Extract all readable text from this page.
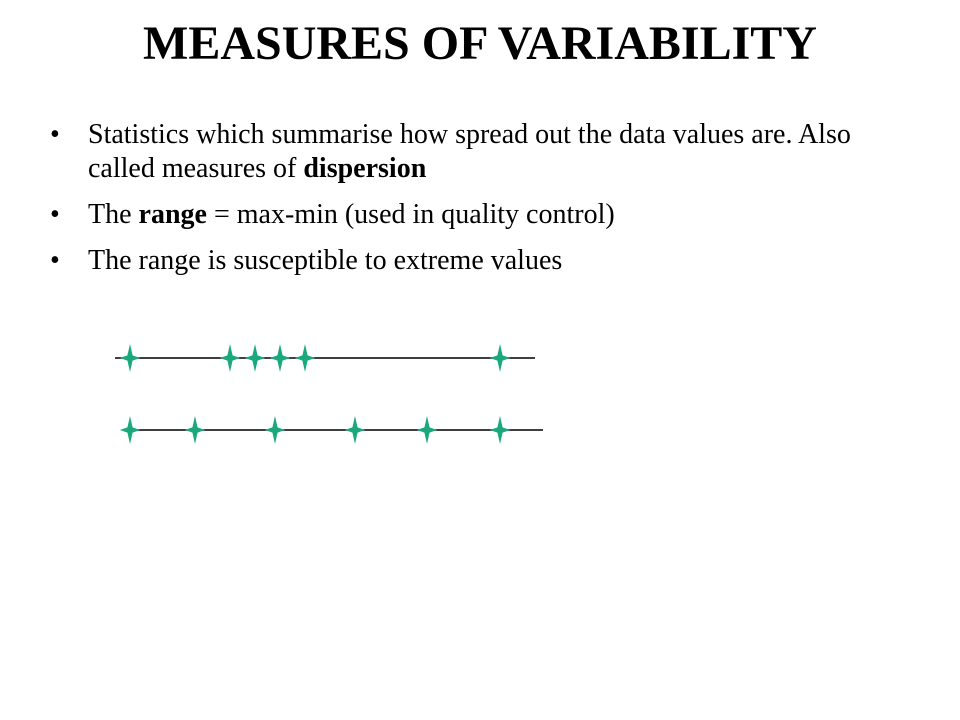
MEASURES OF VARIABILITY
• Statistics which summarise how spread out the data values are. Also called measures of dispersion
• The range = max-min (used in quality control)
• The range is susceptible to extreme values
